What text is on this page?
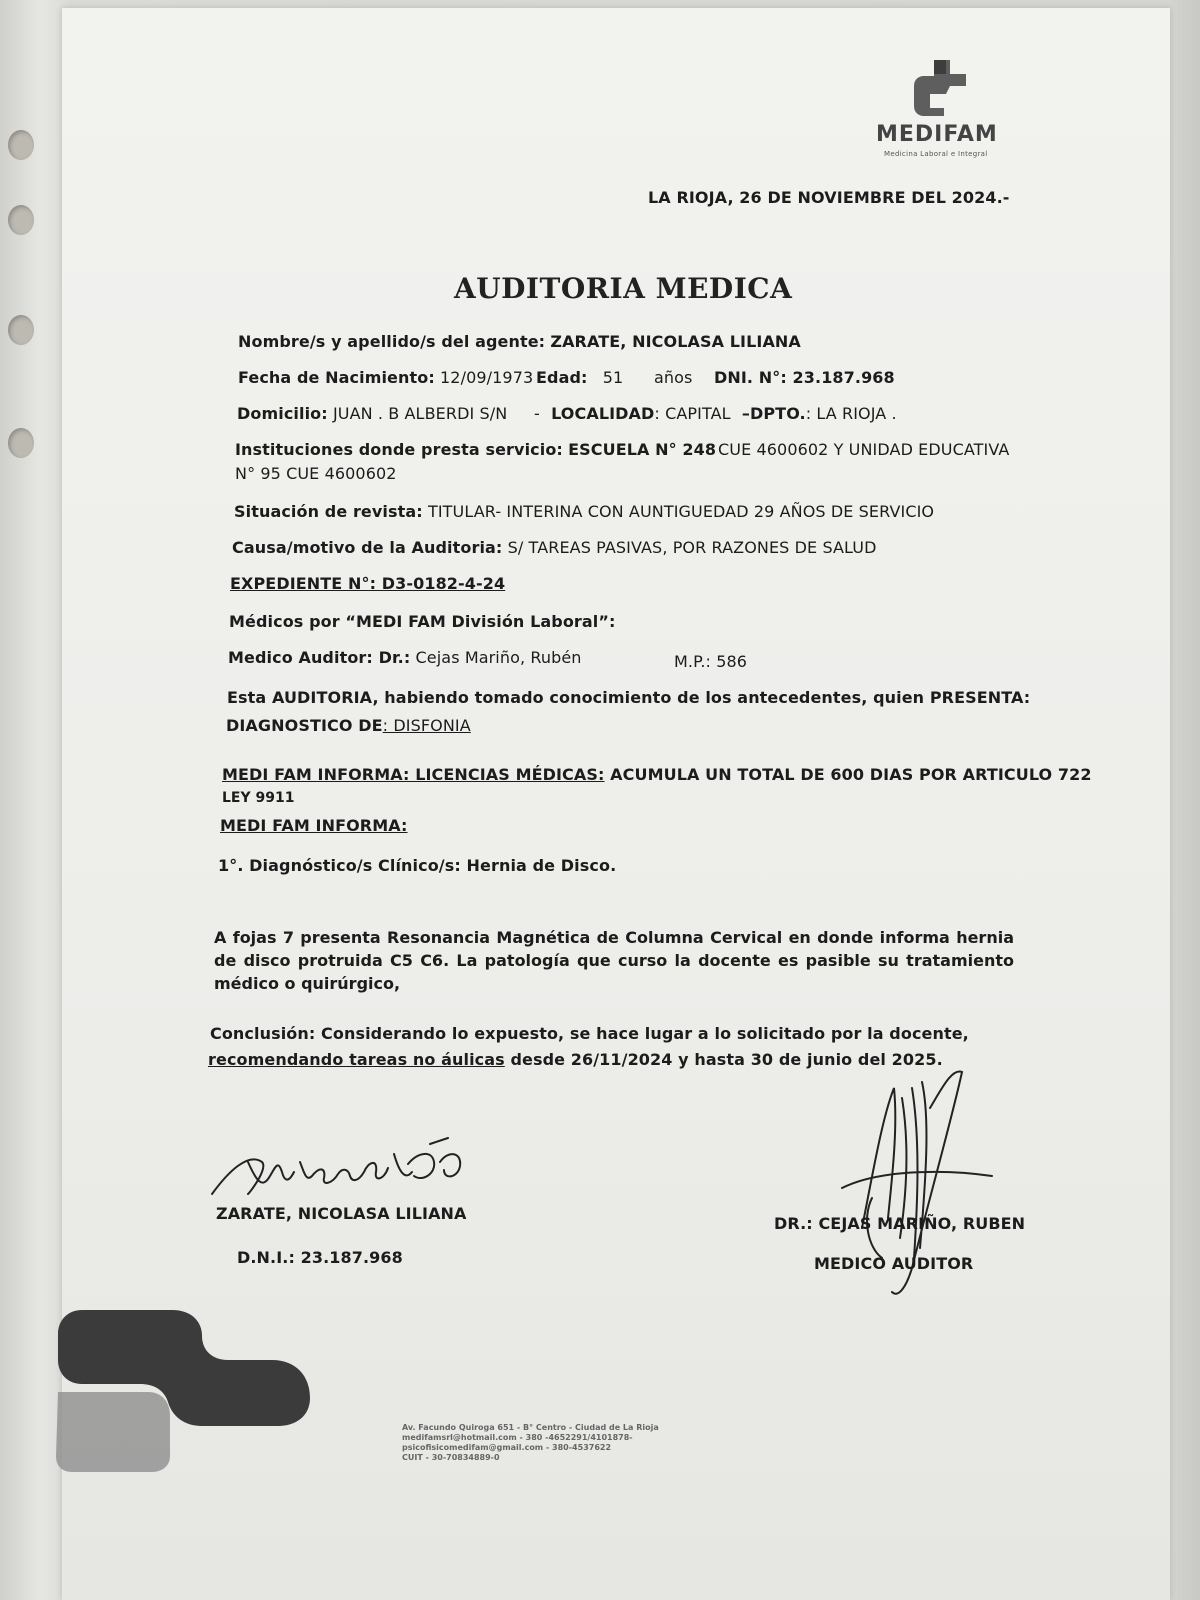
MEDIFAM
Medicina Laboral e Integral
LA RIOJA, 26 DE NOVIEMBRE DEL 2024.-
AUDITORIA MEDICA
Nombre/s y apellido/s del agente: ZARATE, NICOLASA LILIANA
Fecha de Nacimiento: 12/09/1973 Edad: 51 años DNI. N°: 23.187.968
Domicilio: JUAN . B ALBERDI S/N - LOCALIDAD: CAPITAL –DPTO.: LA RIOJA .
Instituciones donde presta servicio: ESCUELA N° 248 CUE 4600602 Y UNIDAD EDUCATIVA
N° 95 CUE 4600602
Situación de revista: TITULAR- INTERINA CON AUNTIGUEDAD 29 AÑOS DE SERVICIO
Causa/motivo de la Auditoria: S/ TAREAS PASIVAS, POR RAZONES DE SALUD
EXPEDIENTE N°: D3-0182-4-24
Médicos por “MEDI FAM División Laboral”:
Medico Auditor: Dr.: Cejas Mariño, Rubén	M.P.: 586
Esta AUDITORIA, habiendo tomado conocimiento de los antecedentes, quien PRESENTA:
DIAGNOSTICO DE: DISFONIA
MEDI FAM INFORMA: LICENCIAS MÉDICAS: ACUMULA UN TOTAL DE 600 DIAS POR ARTICULO 722
LEY 9911
MEDI FAM INFORMA:
1°. Diagnóstico/s Clínico/s: Hernia de Disco.
A fojas 7 presenta Resonancia Magnética de Columna Cervical en donde informa hernia de disco protruida C5 C6. La patología que curso la docente es pasible su tratamiento médico o quirúrgico,
Conclusión: Considerando lo expuesto, se hace lugar a lo solicitado por la docente,
recomendando tareas no áulicas desde 26/11/2024 y hasta 30 de junio del 2025.
ZARATE, NICOLASA LILIANA
D.N.I.: 23.187.968
DR.: CEJAS MARIÑO, RUBEN
MEDICO AUDITOR
Av. Facundo Quiroga 651 - B° Centro - Ciudad de La Rioja
medifamsrl@hotmail.com - 380 -4652291/4101878-
psicofisicomedifam@gmail.com - 380-4537622
CUIT - 30-70834889-0
